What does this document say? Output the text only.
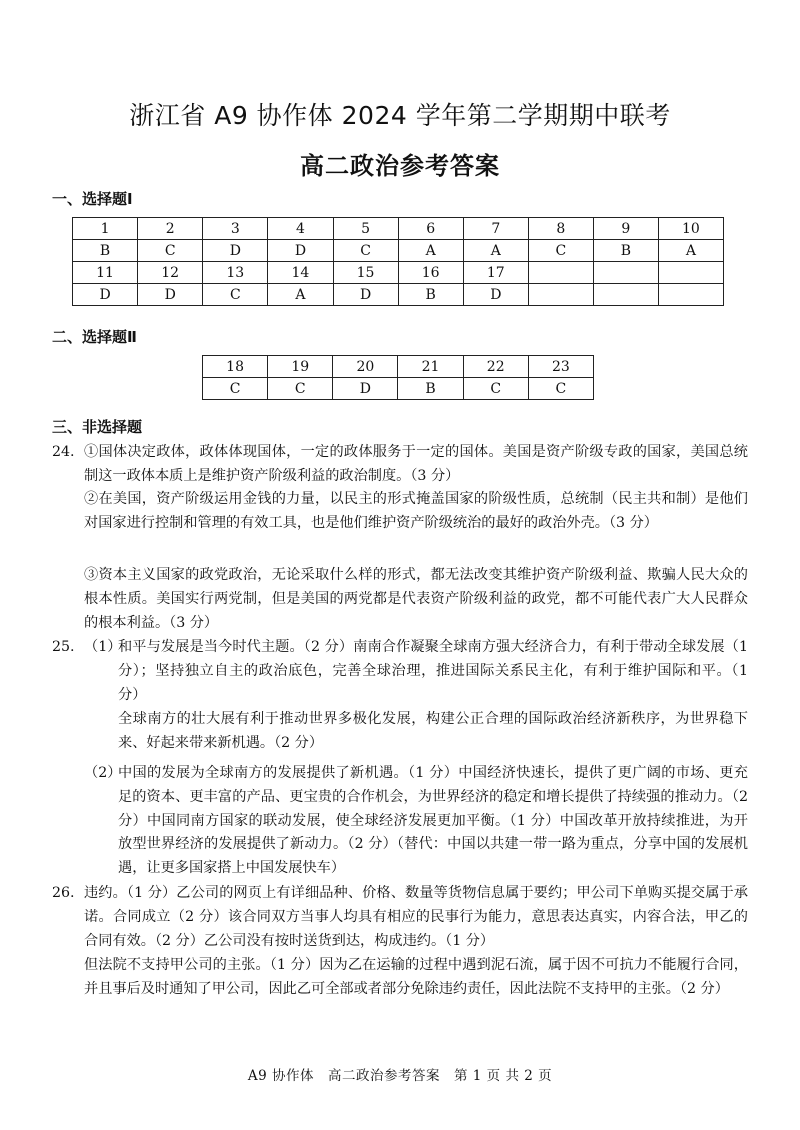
浙江省 A9 协作体 2024 学年第二学期期中联考
高二政治参考答案
一、选择题Ⅰ
1	2	3	4	5	6	7	8	9	10
B	C	D	D	C	A	A	C	B	A
11	12	13	14	15	16	17			
D	D	C	A	D	B	D			
二、选择题Ⅱ
18	19	20	21	22	23
C	C	D	B	C	C
三、非选择题
24. ①国体决定政体，政体体现国体，一定的政体服务于一定的国体。美国是资产阶级专政的国家，美国总统制这一政体本质上是维护资产阶级利益的政治制度。（3 分）
②在美国，资产阶级运用金钱的力量，以民主的形式掩盖国家的阶级性质，总统制（民主共和制）是他们对国家进行控制和管理的有效工具，也是他们维护资产阶级统治的最好的政治外壳。（3 分）
③资本主义国家的政党政治，无论采取什么样的形式，都无法改变其维护资产阶级利益、欺骗人民大众的根本性质。美国实行两党制，但是美国的两党都是代表资产阶级利益的政党，都不可能代表广大人民群众的根本利益。（3 分）
25. （1）
和平与发展是当今时代主题。（2 分）南南合作凝聚全球南方强大经济合力，有利于带动全球发展（1 分）；坚持独立自主的政治底色，完善全球治理，推进国际关系民主化，有利于维护国际和平。（1 分）
全球南方的壮大展有利于推动世界多极化发展，构建公正合理的国际政治经济新秩序，为世界稳下来、好起来带来新机遇。（2 分）
（2）
中国的发展为全球南方的发展提供了新机遇。（1 分）中国经济快速长，提供了更广阔的市场、更充足的资本、更丰富的产品、更宝贵的合作机会，为世界经济的稳定和增长提供了持续强的推动力。（2 分）中国同南方国家的联动发展，使全球经济发展更加平衡。（1 分）中国改革开放持续推进，为开放型世界经济的发展提供了新动力。（2 分）（替代：中国以共建一带一路为重点，分享中国的发展机遇，让更多国家搭上中国发展快车）
26. 违约。（1 分）乙公司的网页上有详细品种、价格、数量等货物信息属于要约；甲公司下单购买提交属于承诺。合同成立（2 分）该合同双方当事人均具有相应的民事行为能力，意思表达真实，内容合法，甲乙的合同有效。（2 分）乙公司没有按时送货到达，构成违约。（1 分）
但法院不支持甲公司的主张。（1 分）因为乙在运输的过程中遇到泥石流，属于因不可抗力不能履行合同，并且事后及时通知了甲公司，因此乙可全部或者部分免除违约责任，因此法院不支持甲的主张。（2 分）
A9 协作体　高二政治参考答案　第 1 页 共 2 页
